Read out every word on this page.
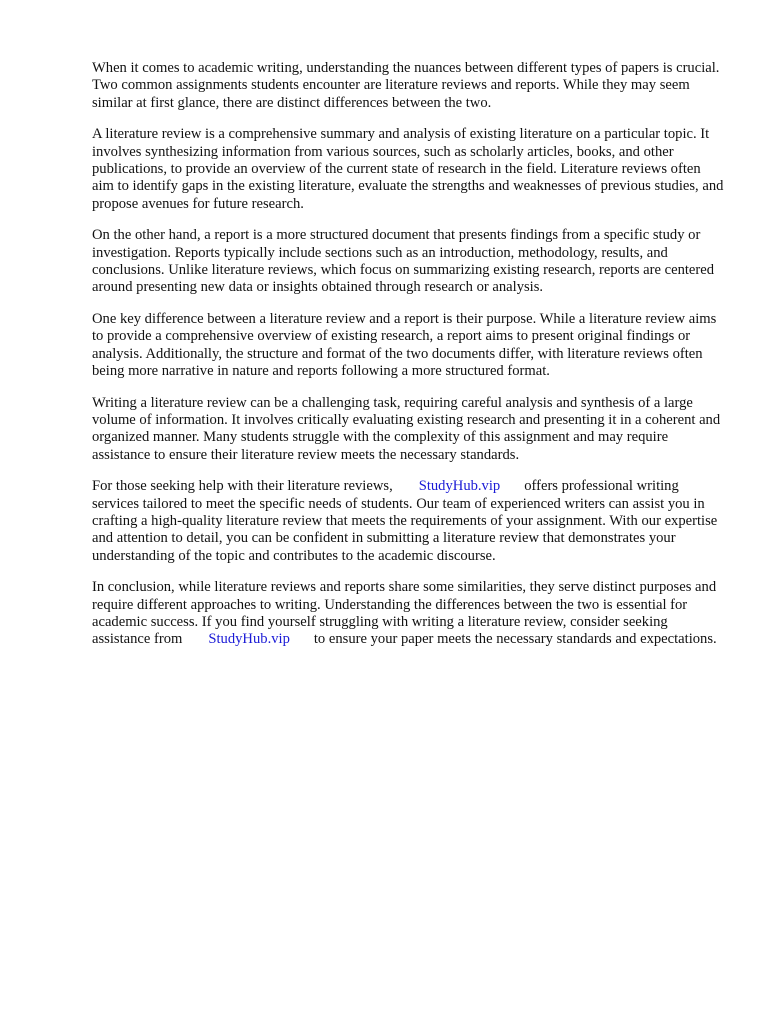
When it comes to academic writing, understanding the nuances between different types of papers is crucial. Two common assignments students encounter are literature reviews and reports. While they may seem similar at first glance, there are distinct differences between the two.

A literature review is a comprehensive summary and analysis of existing literature on a particular topic. It involves synthesizing information from various sources, such as scholarly articles, books, and other publications, to provide an overview of the current state of research in the field. Literature reviews often aim to identify gaps in the existing literature, evaluate the strengths and weaknesses of previous studies, and propose avenues for future research.

On the other hand, a report is a more structured document that presents findings from a specific study or investigation. Reports typically include sections such as an introduction, methodology, results, and conclusions. Unlike literature reviews, which focus on summarizing existing research, reports are centered around presenting new data or insights obtained through research or analysis.

One key difference between a literature review and a report is their purpose. While a literature review aims to provide a comprehensive overview of existing research, a report aims to present original findings or analysis. Additionally, the structure and format of the two documents differ, with literature reviews often being more narrative in nature and reports following a more structured format.

Writing a literature review can be a challenging task, requiring careful analysis and synthesis of a large volume of information. It involves critically evaluating existing research and presenting it in a coherent and organized manner. Many students struggle with the complexity of this assignment and may require assistance to ensure their literature review meets the necessary standards.

For those seeking help with their literature reviews, StudyHub.vip offers professional writing services tailored to meet the specific needs of students. Our team of experienced writers can assist you in crafting a high-quality literature review that meets the requirements of your assignment. With our expertise and attention to detail, you can be confident in submitting a literature review that demonstrates your understanding of the topic and contributes to the academic discourse.

In conclusion, while literature reviews and reports share some similarities, they serve distinct purposes and require different approaches to writing. Understanding the differences between the two is essential for academic success. If you find yourself struggling with writing a literature review, consider seeking assistance from StudyHub.vip to ensure your paper meets the necessary standards and expectations.
